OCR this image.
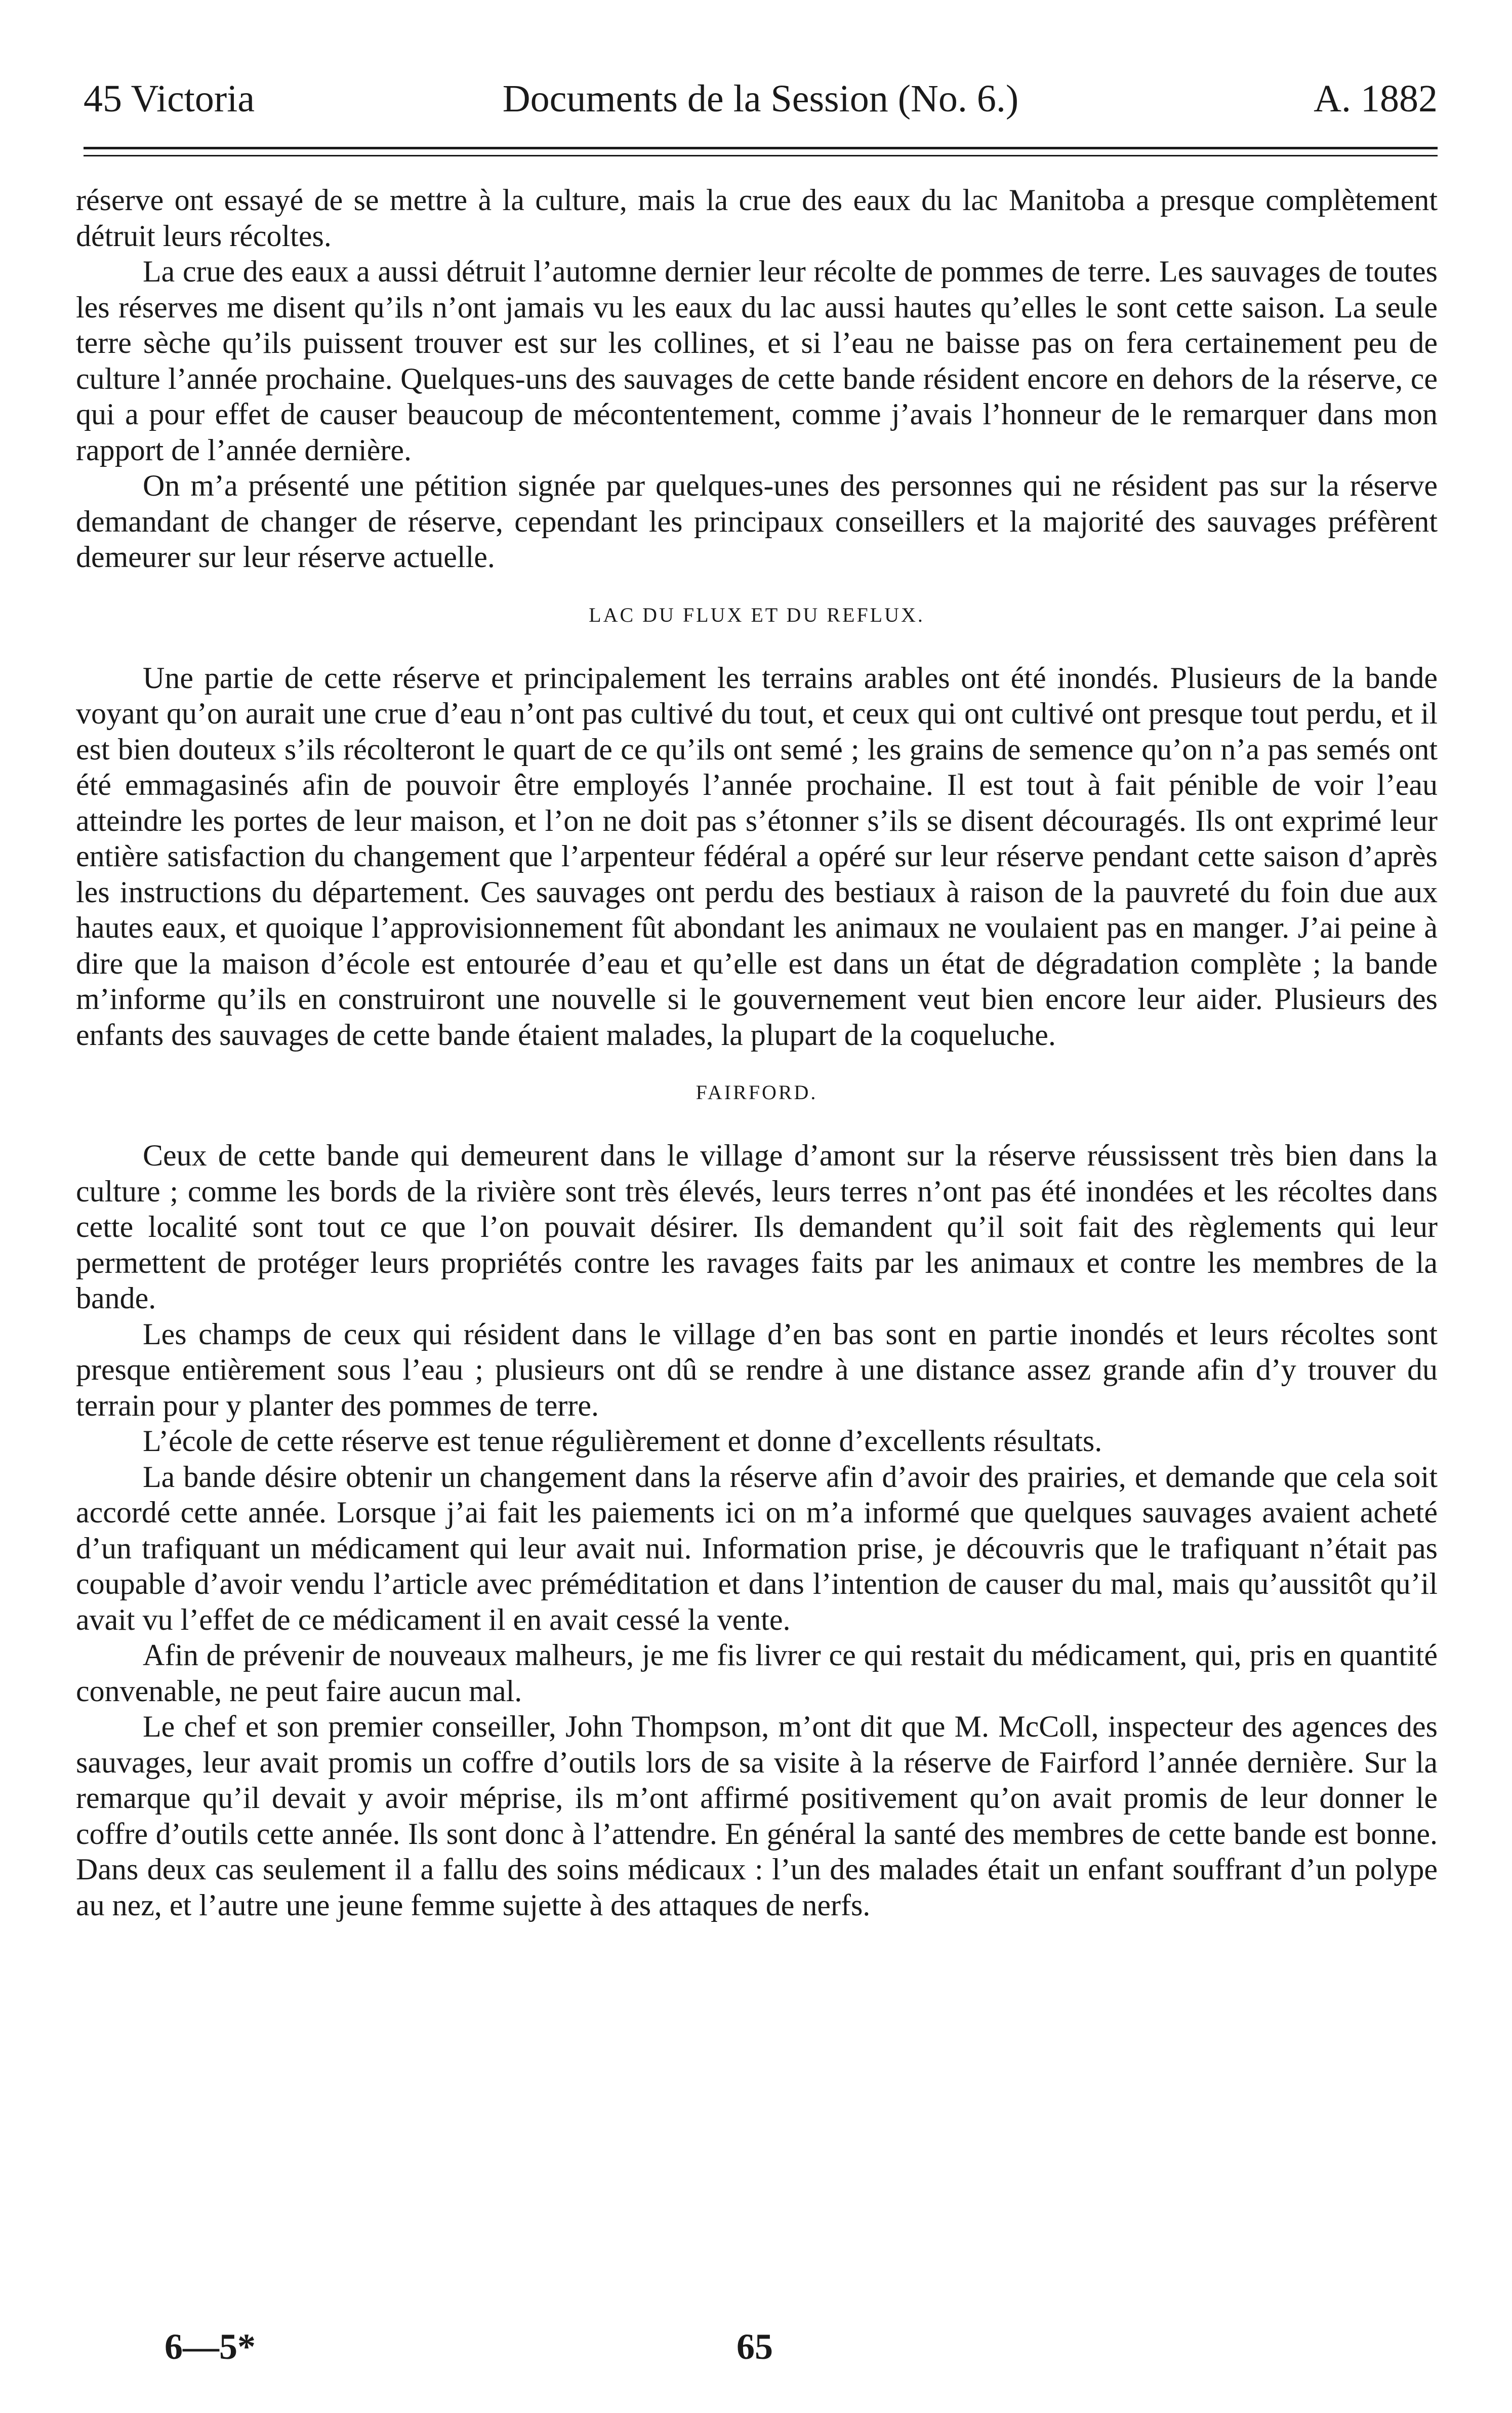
45 Victoria	Documents de la Session (No. 6.)	A. 1882

réserve ont essayé de se mettre à la culture, mais la crue des eaux du lac Manitoba a presque complètement détruit leurs récoltes.

La crue des eaux a aussi détruit l’automne dernier leur récolte de pommes de terre. Les sauvages de toutes les réserves me disent qu’ils n’ont jamais vu les eaux du lac aussi hautes qu’elles le sont cette saison. La seule terre sèche qu’ils puissent trouver est sur les collines, et si l’eau ne baisse pas on fera certainement peu de culture l’année prochaine. Quelques-uns des sauvages de cette bande résident encore en dehors de la réserve, ce qui a pour effet de causer beaucoup de mécontentement, comme j’avais l’honneur de le remarquer dans mon rapport de l’année dernière.

On m’a présenté une pétition signée par quelques-unes des personnes qui ne résident pas sur la réserve demandant de changer de réserve, cependant les principaux conseillers et la majorité des sauvages préfèrent demeurer sur leur réserve actuelle.

LAC DU FLUX ET DU REFLUX.

Une partie de cette réserve et principalement les terrains arables ont été inondés. Plusieurs de la bande voyant qu’on aurait une crue d’eau n’ont pas cultivé du tout, et ceux qui ont cultivé ont presque tout perdu, et il est bien douteux s’ils récolteront le quart de ce qu’ils ont semé ; les grains de semence qu’on n’a pas semés ont été emmagasinés afin de pouvoir être employés l’année prochaine. Il est tout à fait pénible de voir l’eau atteindre les portes de leur maison, et l’on ne doit pas s’étonner s’ils se disent découragés. Ils ont exprimé leur entière satisfaction du changement que l’arpenteur fédéral a opéré sur leur réserve pendant cette saison d’après les instructions du département. Ces sauvages ont perdu des bestiaux à raison de la pauvreté du foin due aux hautes eaux, et quoique l’approvisionnement fût abondant les animaux ne voulaient pas en manger. J’ai peine à dire que la maison d’école est entourée d’eau et qu’elle est dans un état de dégradation complète ; la bande m’informe qu’ils en construiront une nouvelle si le gouvernement veut bien encore leur aider. Plusieurs des enfants des sauvages de cette bande étaient malades, la plupart de la coqueluche.

FAIRFORD.

Ceux de cette bande qui demeurent dans le village d’amont sur la réserve réussissent très bien dans la culture ; comme les bords de la rivière sont très élevés, leurs terres n’ont pas été inondées et les récoltes dans cette localité sont tout ce que l’on pouvait désirer. Ils demandent qu’il soit fait des règlements qui leur permettent de protéger leurs propriétés contre les ravages faits par les animaux et contre les membres de la bande.

Les champs de ceux qui résident dans le village d’en bas sont en partie inondés et leurs récoltes sont presque entièrement sous l’eau ; plusieurs ont dû se rendre à une distance assez grande afin d’y trouver du terrain pour y planter des pommes de terre.

L’école de cette réserve est tenue régulièrement et donne d’excellents résultats.

La bande désire obtenir un changement dans la réserve afin d’avoir des prairies, et demande que cela soit accordé cette année. Lorsque j’ai fait les paiements ici on m’a informé que quelques sauvages avaient acheté d’un trafiquant un médicament qui leur avait nui. Information prise, je découvris que le trafiquant n’était pas coupable d’avoir vendu l’article avec préméditation et dans l’intention de causer du mal, mais qu’aussitôt qu’il avait vu l’effet de ce médicament il en avait cessé la vente.

Afin de prévenir de nouveaux malheurs, je me fis livrer ce qui restait du médicament, qui, pris en quantité convenable, ne peut faire aucun mal.

Le chef et son premier conseiller, John Thompson, m’ont dit que M. McColl, inspecteur des agences des sauvages, leur avait promis un coffre d’outils lors de sa visite à la réserve de Fairford l’année dernière. Sur la remarque qu’il devait y avoir méprise, ils m’ont affirmé positivement qu’on avait promis de leur donner le coffre d’outils cette année. Ils sont donc à l’attendre. En général la santé des membres de cette bande est bonne. Dans deux cas seulement il a fallu des soins médicaux : l’un des malades était un enfant souffrant d’un polype au nez, et l’autre une jeune femme sujette à des attaques de nerfs.

6—5*	65
